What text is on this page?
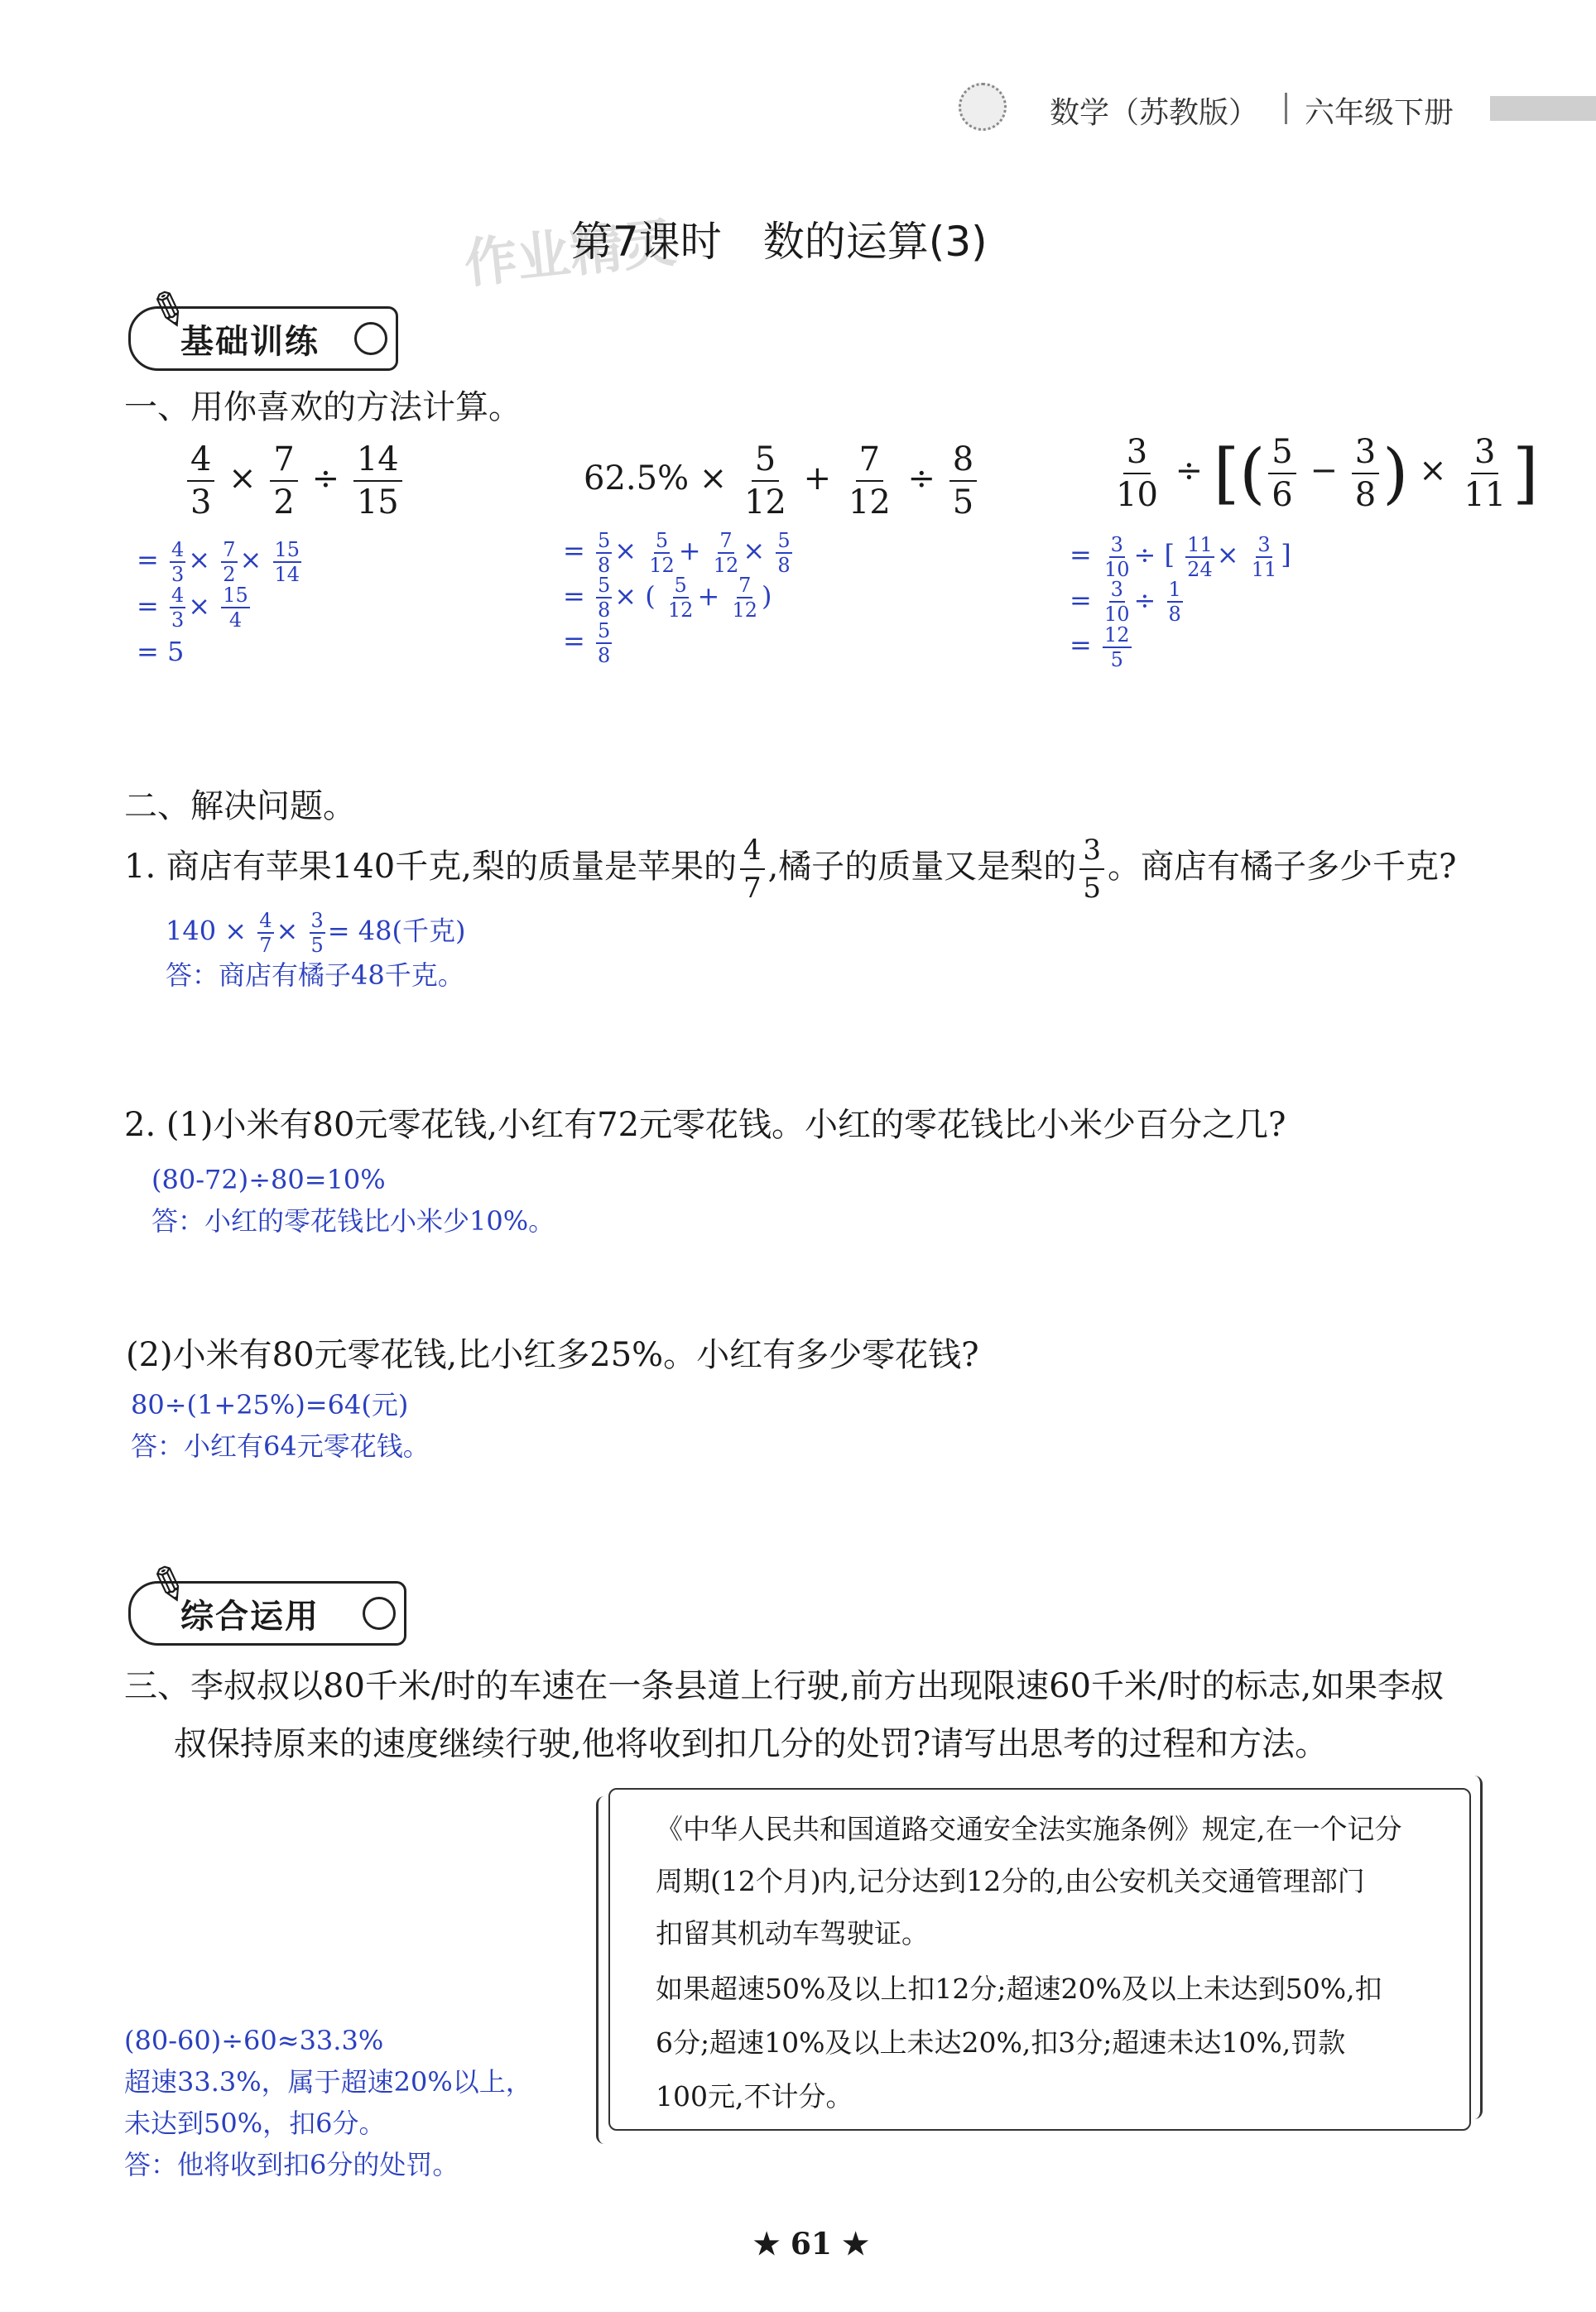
数学（苏教版） 六年级下册
作业精灵
第7课时　数的运算(3)
✎
基础训练
一、用你喜欢的方法计算。
$\frac{4}{3} \times \frac{7}{2} \div \frac{14}{15}$
= $\frac{4}{3} \times \frac{7}{2} \times \frac{15}{14}$
= $\frac{4}{3} \times \frac{15}{4}$
= 5
$62.5\% \times \frac{5}{12} + \frac{7}{12} \div \frac{8}{5}$
= $\frac{5}{8} \times \frac{5}{12} + \frac{7}{12} \times \frac{5}{8}$
= $\frac{5}{8}$ × ( $\frac{5}{12} + \frac{7}{12}$ )
= $\frac{5}{8}$
$\frac{3}{10}$ ÷ [( $\frac{5}{6} - \frac{3}{8}$ ) × $\frac{3}{11}$ ]
= $\frac{3}{10}$ ÷ [ $\frac{11}{24} \times \frac{3}{11}$ ]
= $\frac{3}{10} \div \frac{1}{8}$
= $\frac{12}{5}$
二、解决问题。
1. 商店有苹果140千克,梨的质量是苹果的 $\frac{4}{7}$ ,橘子的质量又是梨的 $\frac{3}{5}$ 。商店有橘子多少千克?
$140 \times \frac{4}{7} \times \frac{3}{5} = 48$(千克)
答：商店有橘子48千克。
2. (1)小米有80元零花钱,小红有72元零花钱。小红的零花钱比小米少百分之几?
(80-72)÷80=10%
答：小红的零花钱比小米少10%。
(2)小米有80元零花钱,比小红多25%。小红有多少零花钱?
80÷(1+25%)=64(元)
答：小红有64元零花钱。
✎
综合运用
三、李叔叔以80千米/时的车速在一条县道上行驶,前方出现限速60千米/时的标志,如果李叔
叔保持原来的速度继续行驶,他将收到扣几分的处罚?请写出思考的过程和方法。
《中华人民共和国道路交通安全法实施条例》规定,在一个记分
周期(12个月)内,记分达到12分的,由公安机关交通管理部门
扣留其机动车驾驶证。
如果超速50%及以上扣12分;超速20%及以上未达到50%,扣
6分;超速10%及以上未达20%,扣3分;超速未达10%,罚款
100元,不计分。
(80-60)÷60≈33.3%
超速33.3%，属于超速20%以上，
未达到50%，扣6分。
答：他将收到扣6分的处罚。
★ 61 ★
